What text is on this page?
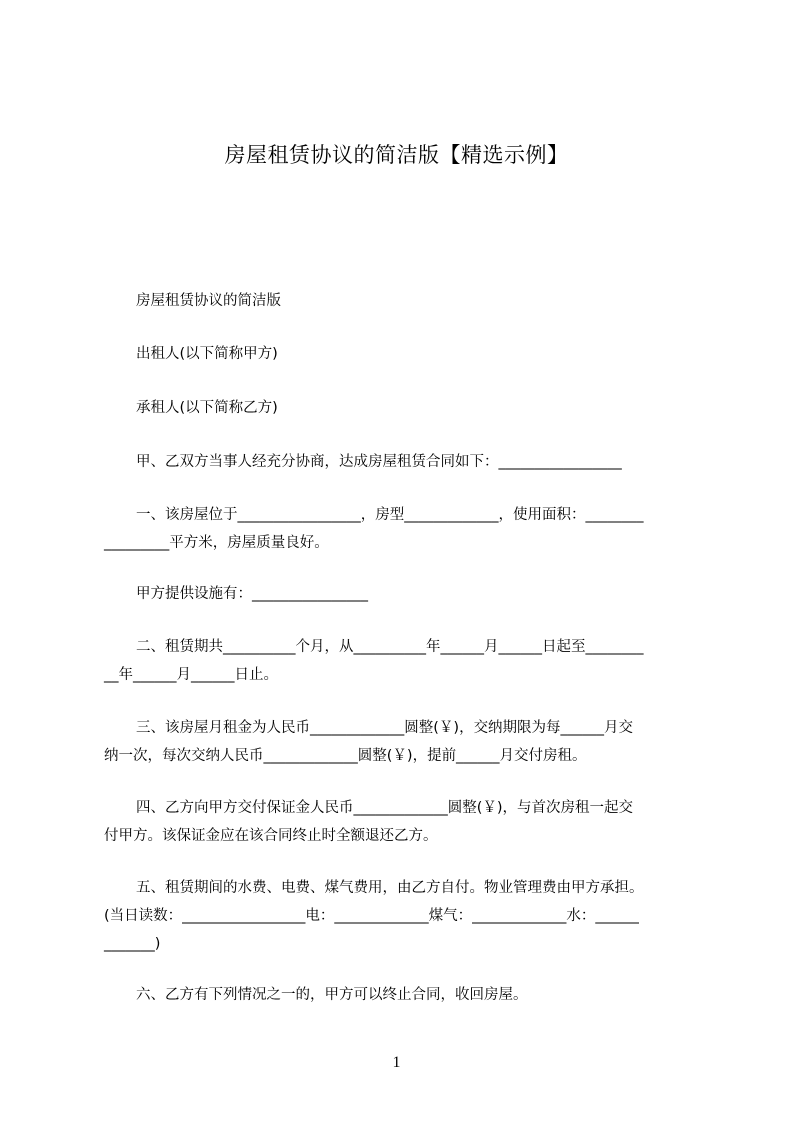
房屋租赁协议的简洁版【精选示例】
房屋租赁协议的简洁版
出租人(以下简称甲方)
承租人(以下简称乙方)
甲、乙双方当事人经充分协商，达成房屋租赁合同如下：_________________
一、该房屋位于_________________，房型_____________，使用面积：________
_________平方米，房屋质量良好。
甲方提供设施有：________________
二、租赁期共__________个月，从__________年______月______日起至________
__年______月______日止。
三、该房屋月租金为人民币_____________圆整(￥)，交纳期限为每______月交
纳一次，每次交纳人民币_____________圆整(￥)，提前______月交付房租。
四、乙方向甲方交付保证金人民币_____________圆整(￥)，与首次房租一起交
付甲方。该保证金应在该合同终止时全额退还乙方。
五、租赁期间的水费、电费、煤气费用，由乙方自付。物业管理费由甲方承担。
(当日读数：_________________电：_____________煤气：_____________水：______
_______)
六、乙方有下列情况之一的，甲方可以终止合同，收回房屋。
1
